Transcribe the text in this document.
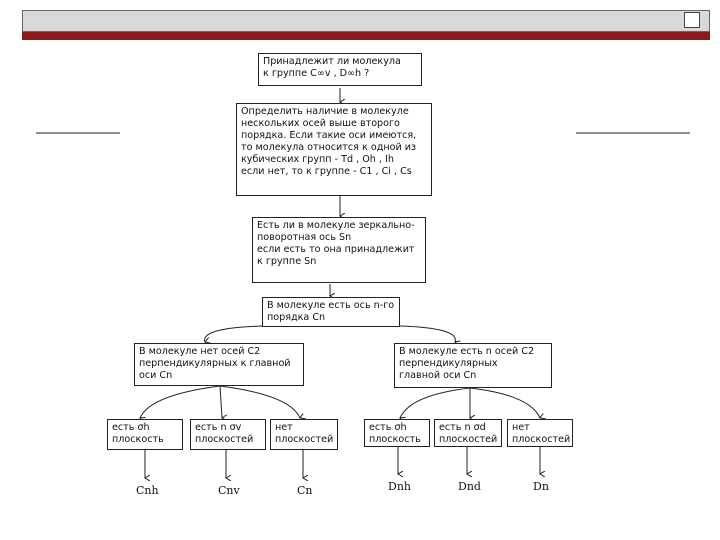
Принадлежит ли молекула
к группе C∞v , D∞h ?
Определить наличие в молекуле
нескольких осей выше второго
порядка. Если такие оси имеются,
то молекула относится к одной из
кубических групп - Td , Oh , Ih
если нет, то к группе - C1 , Ci , Cs
Есть ли в молекуле зеркально-
поворотная ось Sn
если есть то она принадлежит
к группе Sn
В молекуле есть ось n-го
порядка Cn
В молекуле нет осей C2
перпендикулярных к главной
оси Cn
В молекуле есть n осей C2
перпендикулярных
главной оси Cn
есть σh
плоскость
есть n σv
плоскостей
нет
плоскостей
есть σh
плоскость
есть n σd
плоскостей
нет
плоскостей
Cnh	Cnv	Cn	Dnh	Dnd	Dn
